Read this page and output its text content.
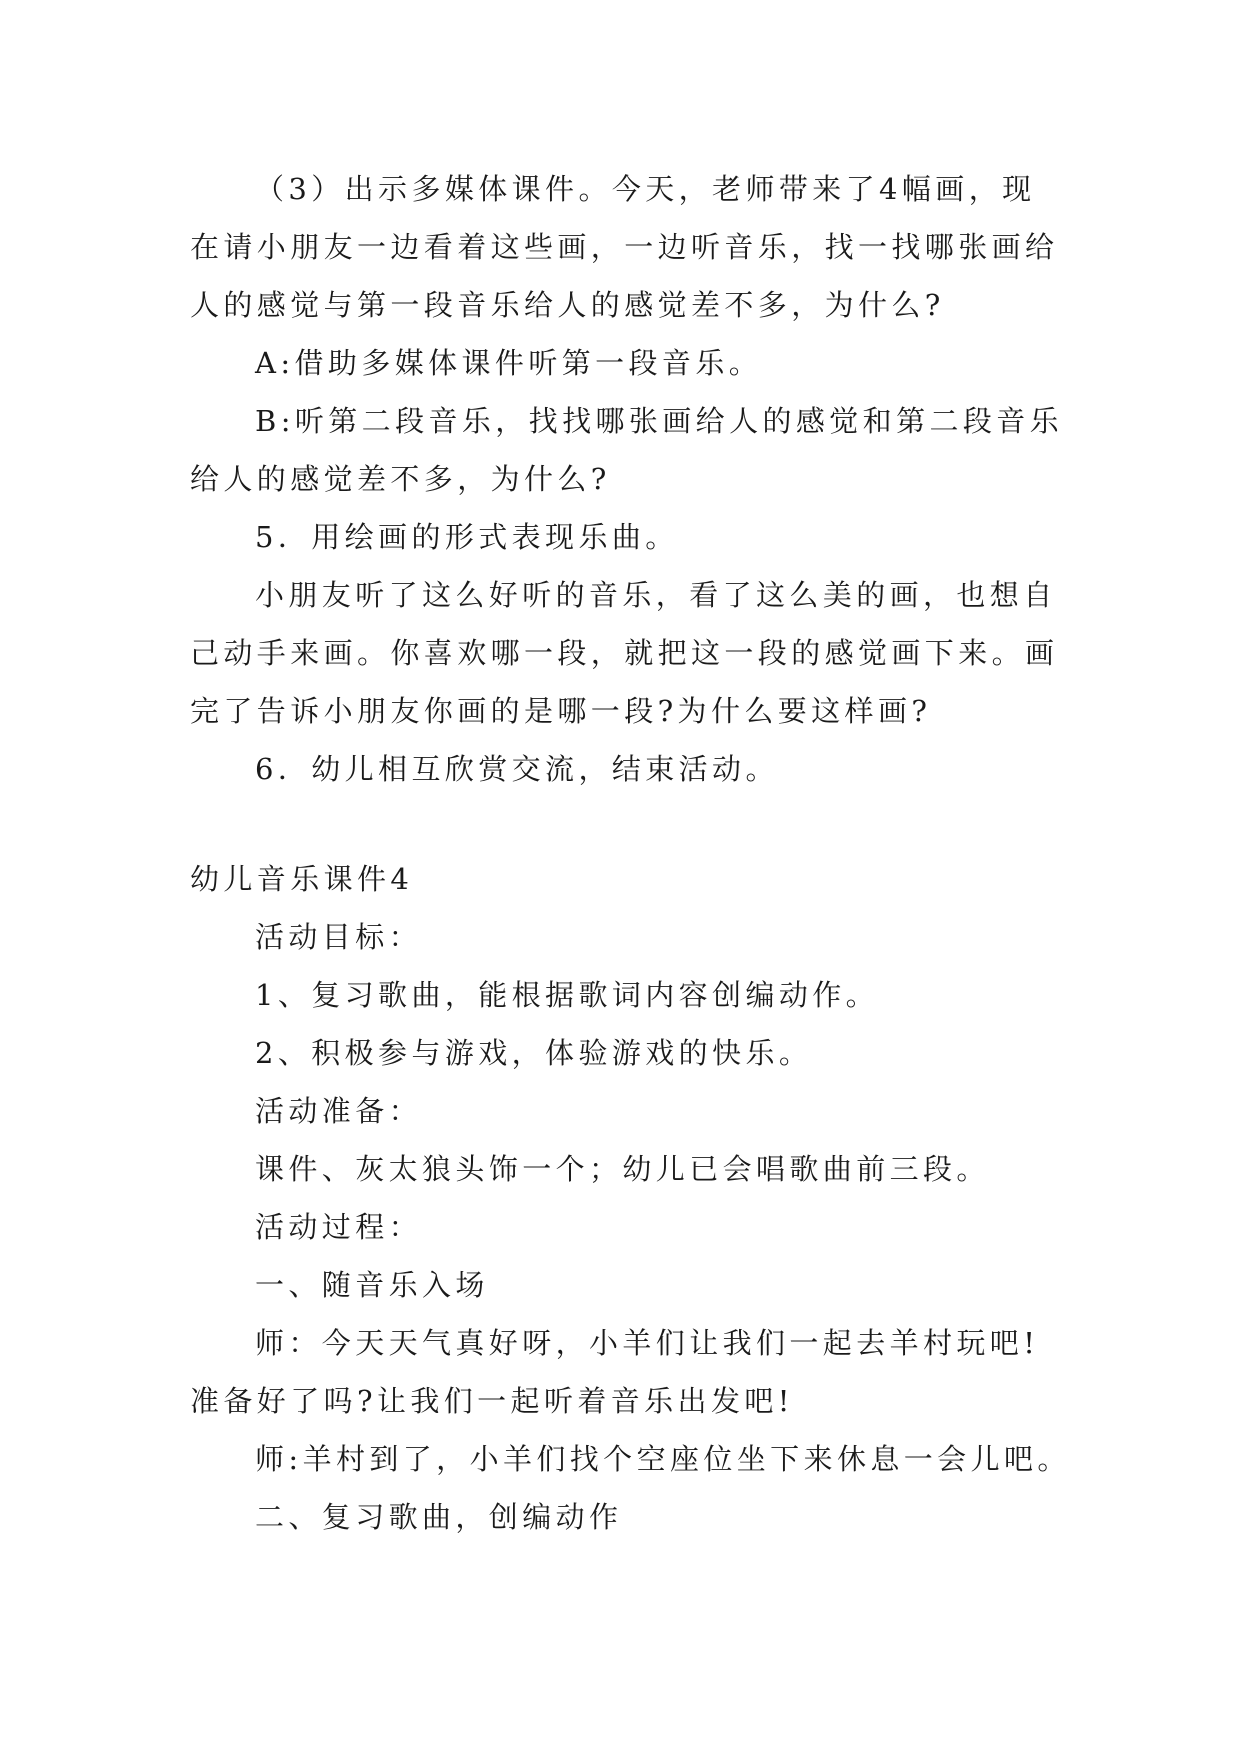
（3）出示多媒体课件。今天，老师带来了4幅画，现

在请小朋友一边看着这些画，一边听音乐，找一找哪张画给

人的感觉与第一段音乐给人的感觉差不多，为什么?

A:借助多媒体课件听第一段音乐。

B:听第二段音乐，找找哪张画给人的感觉和第二段音乐

给人的感觉差不多，为什么?

5．用绘画的形式表现乐曲。

小朋友听了这么好听的音乐，看了这么美的画，也想自

己动手来画。你喜欢哪一段，就把这一段的感觉画下来。画

完了告诉小朋友你画的是哪一段?为什么要这样画?

6．幼儿相互欣赏交流，结束活动。

幼儿音乐课件4

活动目标：

1、复习歌曲，能根据歌词内容创编动作。

2、积极参与游戏，体验游戏的快乐。

活动准备：

课件、灰太狼头饰一个；幼儿已会唱歌曲前三段。

活动过程：

一、随音乐入场

师：今天天气真好呀，小羊们让我们一起去羊村玩吧!

准备好了吗?让我们一起听着音乐出发吧!

师:羊村到了，小羊们找个空座位坐下来休息一会儿吧。

二、复习歌曲，创编动作
